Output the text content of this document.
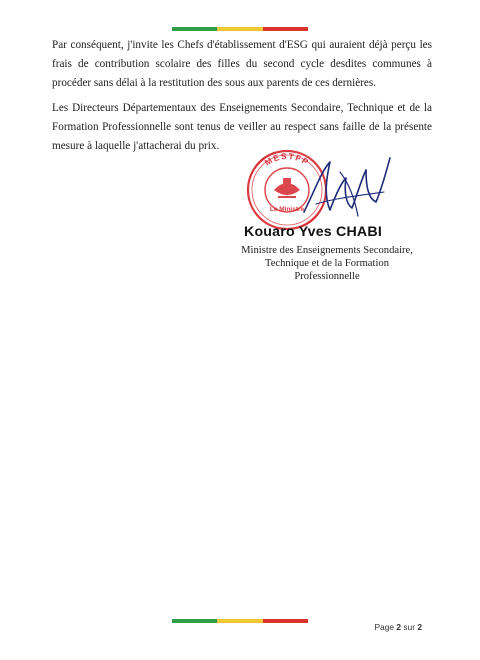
Par conséquent, j'invite les Chefs d'établissement d'ESG qui auraient déjà perçu les frais de contribution scolaire des filles du second cycle desdites communes à procéder sans délai à la restitution des sous aux parents de ces dernières.

Les Directeurs Départementaux des Enseignements Secondaire, Technique et de la Formation Professionnelle sont tenus de veiller au respect sans faille de la présente mesure à laquelle j'attacherai du prix.

MESTFP
Le Ministre
Kouaro Yves CHABI
Ministre des Enseignements Secondaire,
Technique et de la Formation Professionnelle
Page 2 sur 2
